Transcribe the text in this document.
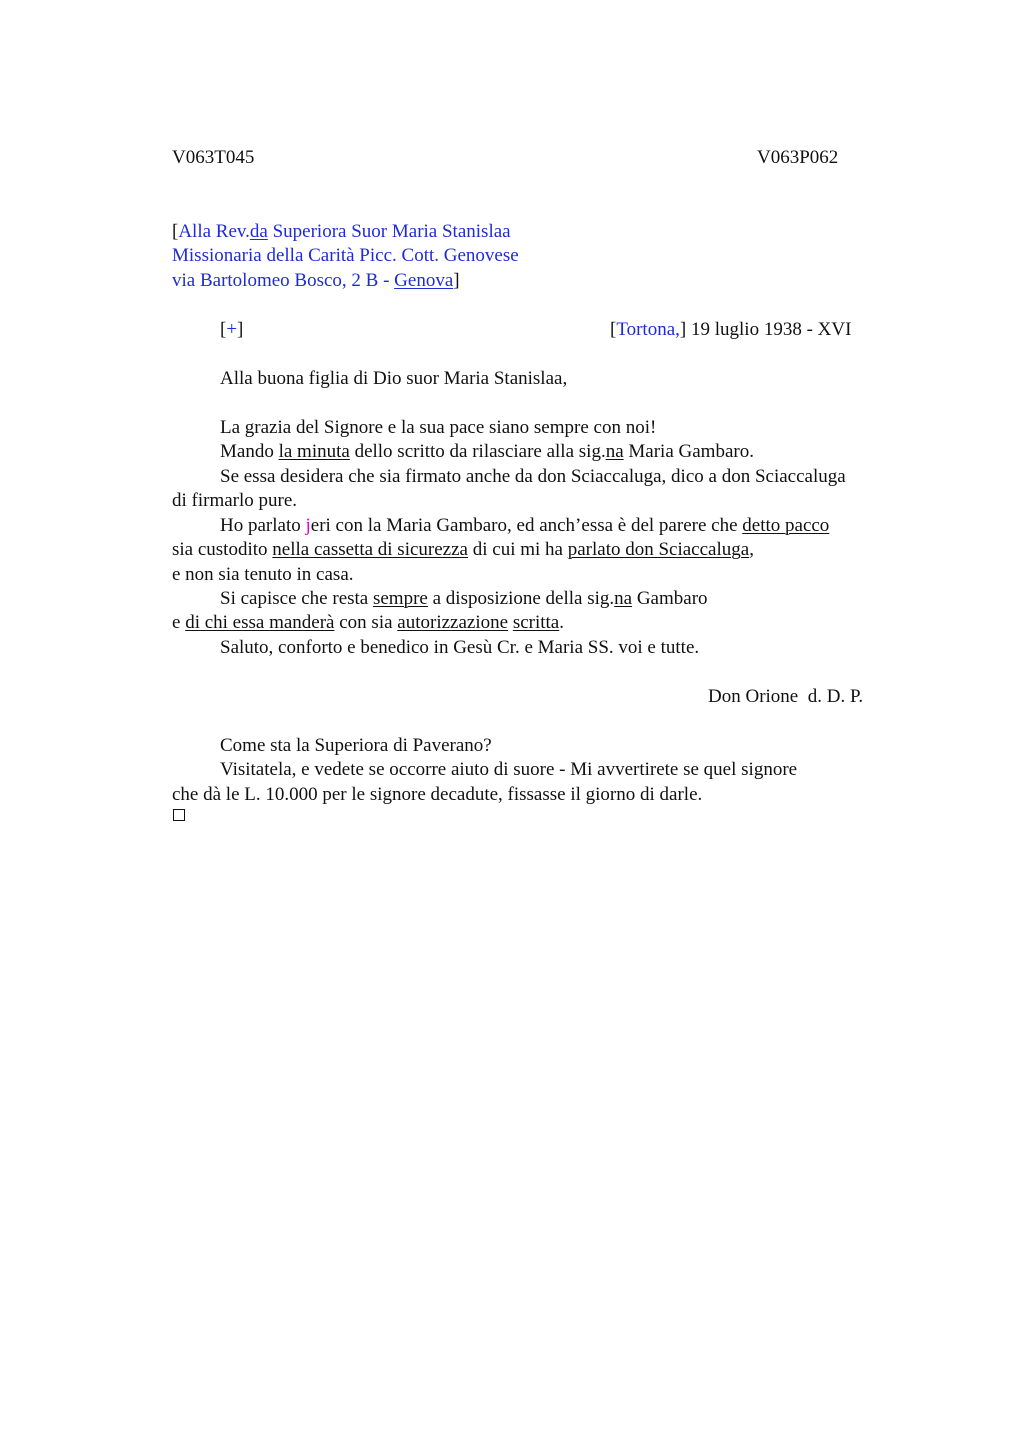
V063T045	V063P062
[Alla Rev.da Superiora Suor Maria Stanislaa
Missionaria della Carità Picc. Cott. Genovese
via Bartolomeo Bosco, 2 B - Genova]
[+]	[Tortona,] 19 luglio 1938 - XVI
Alla buona figlia di Dio suor Maria Stanislaa,
La grazia del Signore e la sua pace siano sempre con noi!
Mando la minuta dello scritto da rilasciare alla sig.na Maria Gambaro.
Se essa desidera che sia firmato anche da don Sciaccaluga, dico a don Sciaccaluga
di firmarlo pure.
Ho parlato jeri con la Maria Gambaro, ed anch’essa è del parere che detto pacco
sia custodito nella cassetta di sicurezza di cui mi ha parlato don Sciaccaluga,
e non sia tenuto in casa.
Si capisce che resta sempre a disposizione della sig.na Gambaro
e di chi essa manderà con sia autorizzazione scritta.
Saluto, conforto e benedico in Gesù Cr. e Maria SS. voi e tutte.
Don Orione  d. D. P.
Come sta la Superiora di Paverano?
Visitatela, e vedete se occorre aiuto di suore - Mi avvertirete se quel signore
che dà le L. 10.000 per le signore decadute, fissasse il giorno di darle.
